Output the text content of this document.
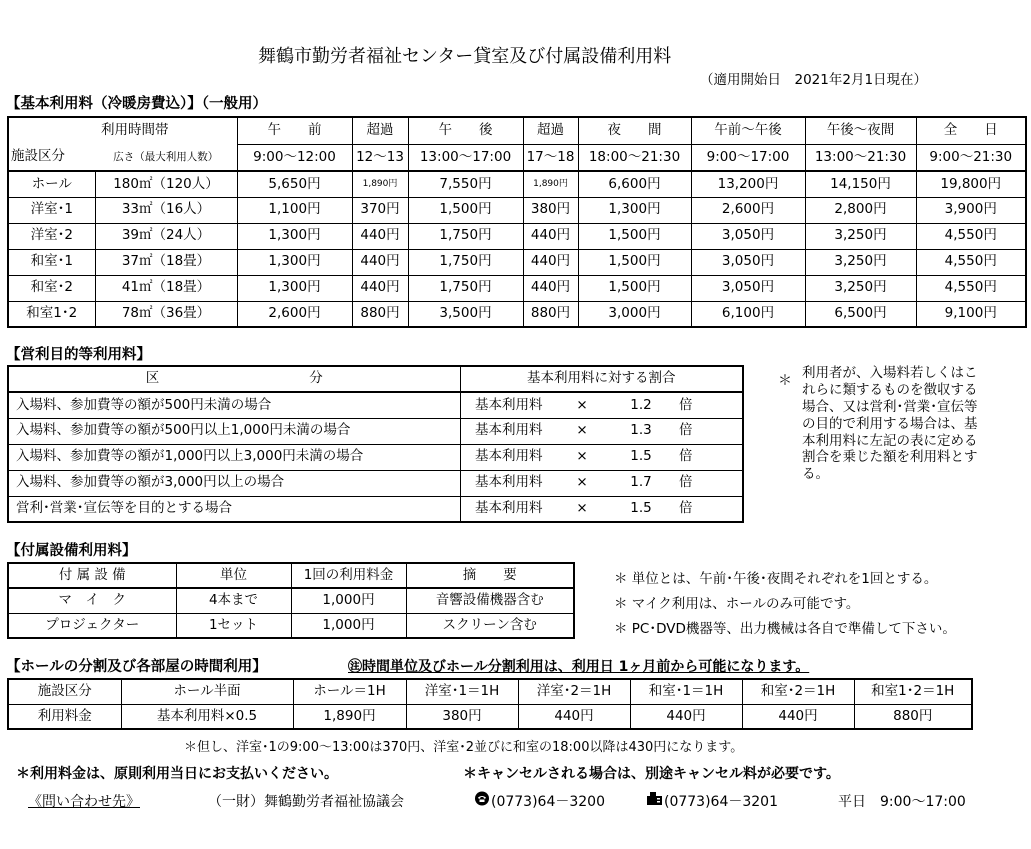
舞鶴市勤労者福祉センター貸室及び付属設備利用料
（適用開始日　2021年2月1日現在）
【基本利用料（冷暖房費込）】（一般用）
	利用時間帯	午　　前	超過	午　　後	超過	夜　　間	午前～午後	午後～夜間	全　　日
施設区分	広さ（最大利用人数）	9:00～12:00	12～13	13:00～17:00	17～18	18:00～21:30	9:00～17:00	13:00～21:30	9:00～21:30
ホール	180㎡（120人）	5,650円	1,890円	7,550円	1,890円	6,600円	13,200円	14,150円	19,800円
洋室･1	33㎡（16人）	1,100円	370円	1,500円	380円	1,300円	2,600円	2,800円	3,900円
洋室･2	39㎡（24人）	1,300円	440円	1,750円	440円	1,500円	3,050円	3,250円	4,550円
和室･1	37㎡（18畳）	1,300円	440円	1,750円	440円	1,500円	3,050円	3,250円	4,550円
和室･2	41㎡（18畳）	1,300円	440円	1,750円	440円	1,500円	3,050円	3,250円	4,550円
和室1･2	78㎡（36畳）	2,600円	880円	3,500円	880円	3,000円	6,100円	6,500円	9,100円
【営利目的等利用料】
区 分	基本利用料に対する割合			
入場料、参加費等の額が500円未満の場合	基本利用料	×	1.2	倍
入場料、参加費等の額が500円以上1,000円未満の場合	基本利用料	×	1.3	倍
入場料、参加費等の額が1,000円以上3,000円未満の場合	基本利用料	×	1.5	倍
入場料、参加費等の額が3,000円以上の場合	基本利用料	×	1.7	倍
営利･営業･宣伝等を目的とする場合	基本利用料	×	1.5	倍
＊ 利用者が、入場料若しくはこ
れらに類するものを徴収する
場合、又は営利･営業･宣伝等
の目的で利用する場合は、基
本利用料に左記の表に定める
割合を乗じた額を利用料とす
る。
【付属設備利用料】
付 属 設 備	単位	1回の利用料金	摘　　要
マ　イ　ク	4本まで	1,000円	音響設備機器含む
プロジェクター	1セット	1,000円	スクリーン含む
＊ 単位とは、午前･午後･夜間それぞれを1回とする。
＊ マイク利用は、ホールのみ可能です。
＊ PC･DVD機器等、出力機械は各自で準備して下さい。
【ホールの分割及び各部屋の時間利用】	㊟時間単位及びホール分割利用は、利用日 1ヶ月前から可能になります。
施設区分	ホール半面	ホール＝1H	洋室･1＝1H	洋室･2＝1H	和室･1＝1H	和室･2＝1H	和室1･2＝1H
利用料金	基本利用料×0.5	1,890円	380円	440円	440円	440円	880円
＊但し、洋室･1の9:00～13:00は370円、洋室･2並びに和室の18:00以降は430円になります。
＊利用料金は、原則利用当日にお支払いください。	＊キャンセルされる場合は、別途キャンセル料が必要です。
《問い合わせ先》	（一財）舞鶴勤労者福祉協議会	(0773)64－3200	(0773)64－3201	平日　9:00～17:00
